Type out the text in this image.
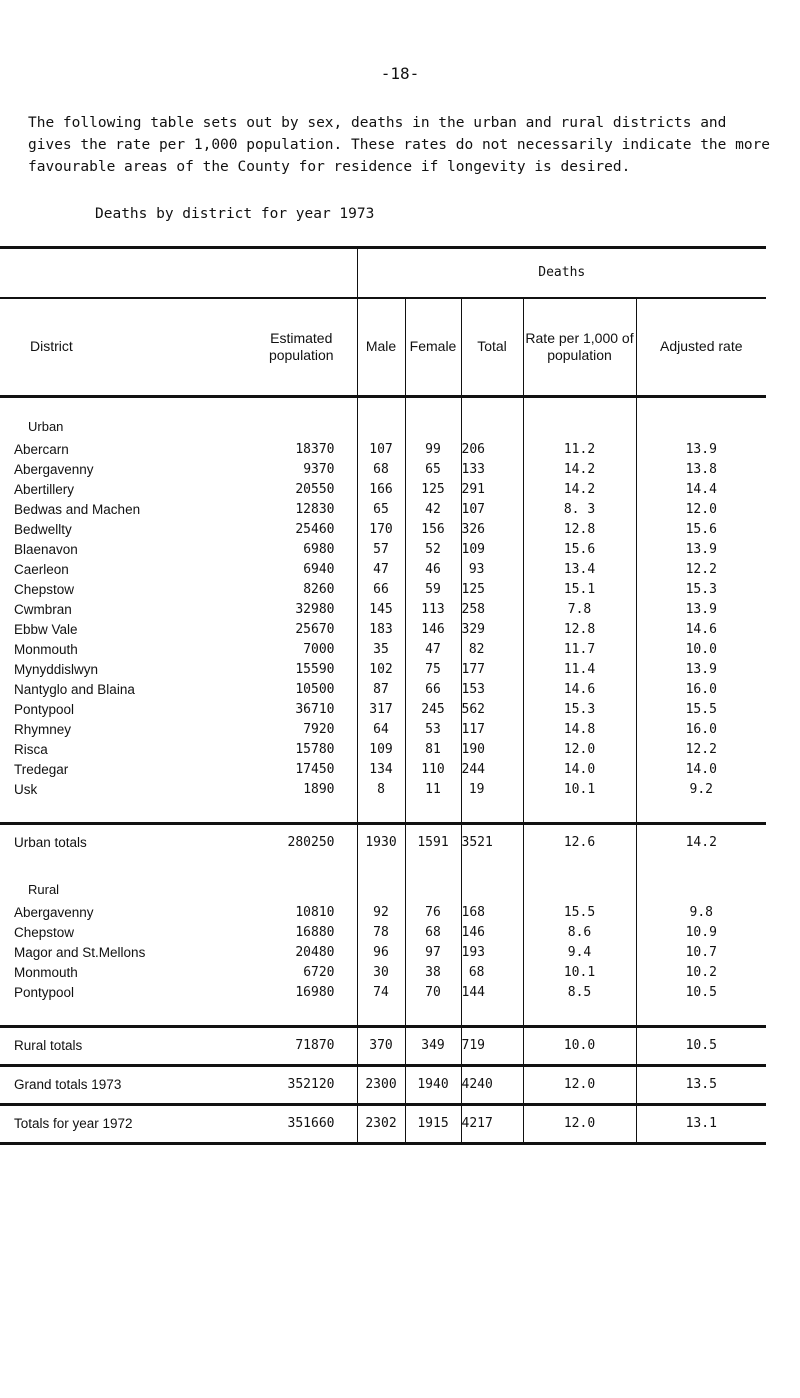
-18-

The following table sets out by sex, deaths in the urban and rural districts and gives the rate per 1,000 population. These rates do not necessarily indicate the more favourable areas of the County for residence if longevity is desired.

Deaths by district for year 1973

		Deaths				
District	Estimated population	Male	Female	Total	Rate per 1,000 of population	Adjusted rate
Urban						
Abercarn	18370	107	99	206	11.2	13.9
Abergavenny	9370	68	65	133	14.2	13.8
Abertillery	20550	166	125	291	14.2	14.4
Bedwas and Machen	12830	65	42	107	8. 3	12.0
Bedwellty	25460	170	156	326	12.8	15.6
Blaenavon	6980	57	52	109	15.6	13.9
Caerleon	6940	47	46	93	13.4	12.2
Chepstow	8260	66	59	125	15.1	15.3
Cwmbran	32980	145	113	258	7.8	13.9
Ebbw Vale	25670	183	146	329	12.8	14.6
Monmouth	7000	35	47	82	11.7	10.0
Mynyddislwyn	15590	102	75	177	11.4	13.9
Nantyglo and Blaina	10500	87	66	153	14.6	16.0
Pontypool	36710	317	245	562	15.3	15.5
Rhymney	7920	64	53	117	14.8	16.0
Risca	15780	109	81	190	12.0	12.2
Tredegar	17450	134	110	244	14.0	14.0
Usk	1890	8	11	19	10.1	9.2

Urban totals	280250	1930	1591	3521	12.6	14.2
Rural						
Abergavenny	10810	92	76	168	15.5	9.8
Chepstow	16880	78	68	146	8.6	10.9
Magor and St.Mellons	20480	96	97	193	9.4	10.7
Monmouth	6720	30	38	68	10.1	10.2
Pontypool	16980	74	70	144	8.5	10.5

Rural totals	71870	370	349	719	10.0	10.5
Grand totals 1973	352120	2300	1940	4240	12.0	13.5
Totals for year 1972	351660	2302	1915	4217	12.0	13.1
